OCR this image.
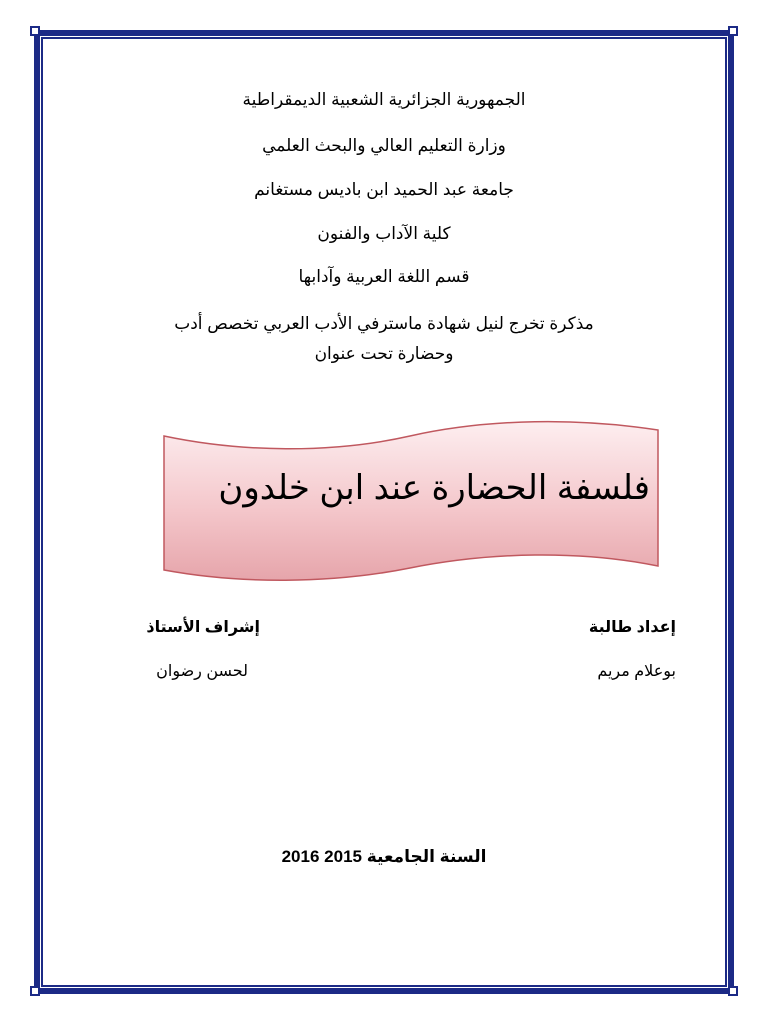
الجمهورية الجزائرية الشعبية الديمقراطية
وزارة التعليم العالي والبحث العلمي
جامعة عبد الحميد ابن باديس مستغانم
كلية الآداب والفنون
قسم اللغة العربية وآدابها
مذكرة تخرج لنيل شهادة ماسترفي الأدب العربي تخصص أدب
وحضارة تحت عنوان
فلسفة الحضارة عند ابن خلدون
إعداد طالبة
بوعلام مريم
إشراف الأستاذ
لحسن رضوان
السنة الجامعية 2015 2016
